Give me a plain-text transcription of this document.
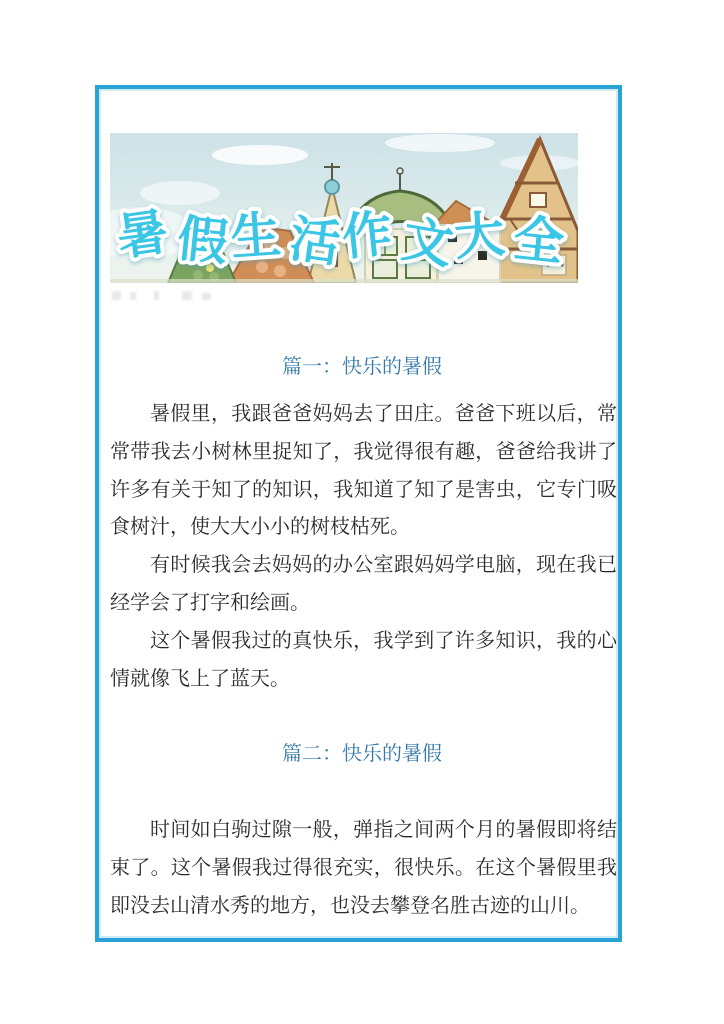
暑假生活作文大全
篇一：快乐的暑假

暑假里，我跟爸爸妈妈去了田庄。爸爸下班以后，常常带我去小树林里捉知了，我觉得很有趣，爸爸给我讲了许多有关于知了的知识，我知道了知了是害虫，它专门吸食树汁，使大大小小的树枝枯死。

有时候我会去妈妈的办公室跟妈妈学电脑，现在我已经学会了打字和绘画。

这个暑假我过的真快乐，我学到了许多知识，我的心情就像飞上了蓝天。

篇二：快乐的暑假

时间如白驹过隙一般，弹指之间两个月的暑假即将结束了。这个暑假我过得很充实，很快乐。在这个暑假里我即没去山清水秀的地方，也没去攀登名胜古迹的山川。
